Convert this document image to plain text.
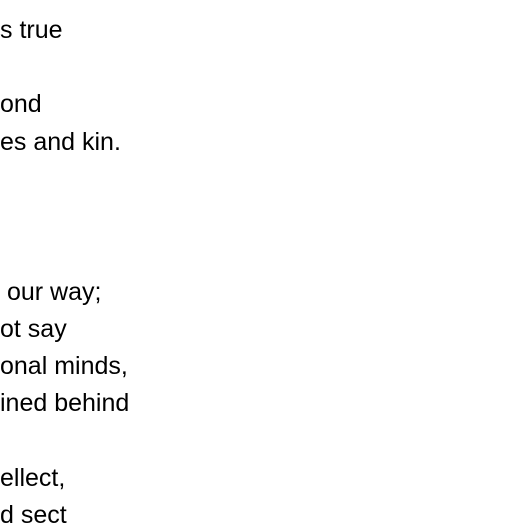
s true

ond

es and kin.

our way;

ot say

onal minds,

ined behind

ellect,

d sect
